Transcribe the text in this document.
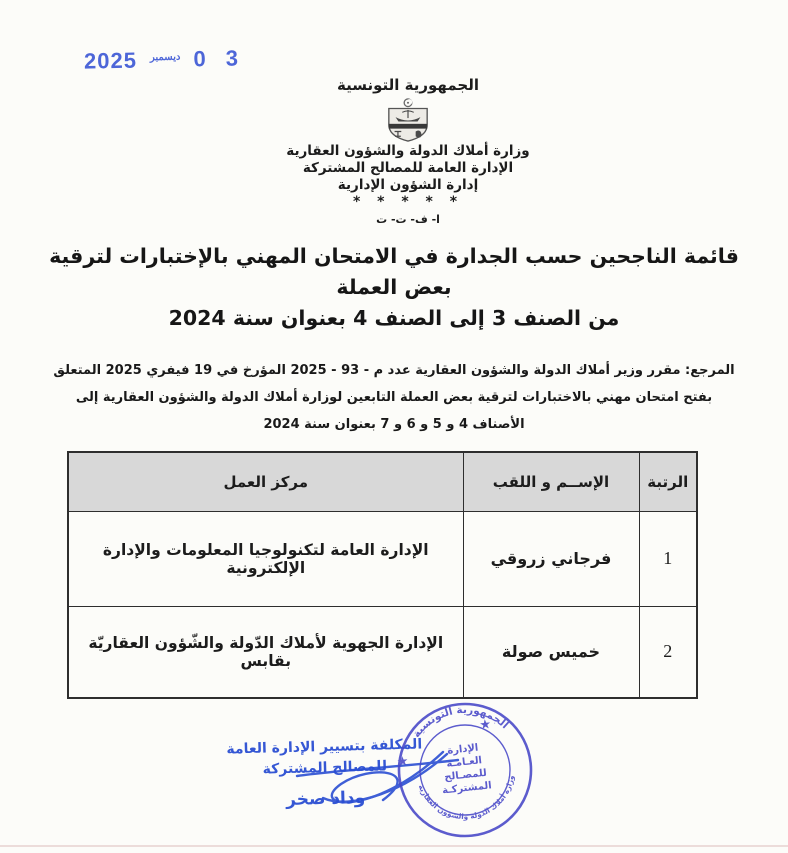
2025 ديسمبر 0 3
الجمهورية التونسية
وزارة أملاك الدولة والشؤون العقارية
الإدارة العامة للمصالح المشتركة
إدارة الشؤون الإدارية
* * * * *
ا- ف- ت- ت
قائمة الناجحين حسب الجدارة في الامتحان المهني بالإختبارات لترقية بعض العملة
من الصنف 3 إلى الصنف 4 بعنوان سنة 2024
المرجع: مقرر وزير أملاك الدولة والشؤون العقارية عدد م - 93 - 2025 المؤرخ في 19 فيفري 2025 المتعلق بفتح امتحان مهني بالاختبارات لترقية بعض العملة التابعين لوزارة أملاك الدولة والشؤون العقارية إلى الأصناف 4 و 5 و 6 و 7 بعنوان سنة 2024
الرتبة	الإســم و اللقب	مركز العمل
1	فرجاني زروقي	الإدارة العامة لتكنولوجيا المعلومات والإدارة الإلكترونية
2	خميس صولة	الإدارة الجهوية لأملاك الدّولة والشّؤون العقاريّة بقابس
المكلفة بتسيير الإدارة العامة
للمصالح المشتركة
وداد صخر
الجمهورية التونسية
وزارة أملاك الدولة والشؤون العقارية
★
★
الإدارة
العـامـة
للمصـالح
المشتركـة
